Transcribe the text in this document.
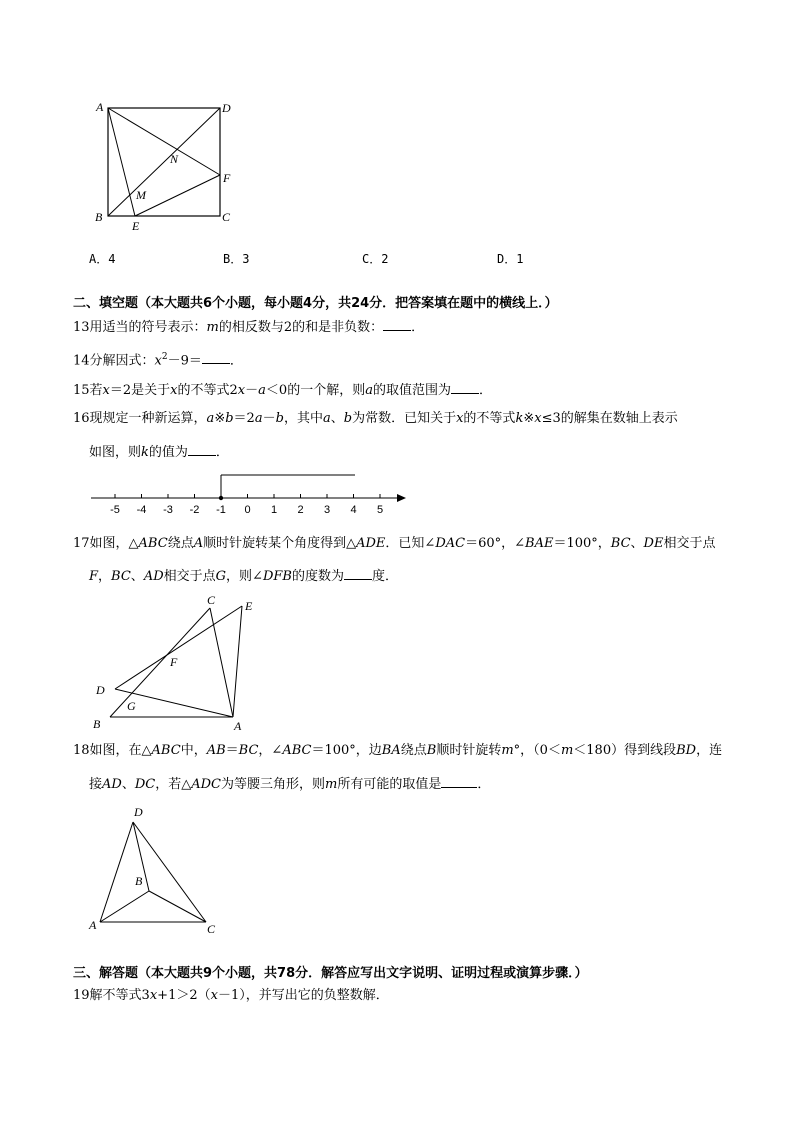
A	D
N
F
M
B
E
C
A．4	B．3	C．2	D．1
二、填空题（本大题共6个小题，每小题4分，共24分．把答案填在题中的横线上．）
13用适当的符号表示：m的相反数与2的和是非负数： ．
14分解因式：$x^2-9=$ ．
15若x＝2是关于x的不等式2x－a＜0的一个解，则a的取值范围为 ．
16现规定一种新运算，a※b＝2a－b，其中a、b为常数．已知关于x的不等式k※x≤3的解集在数轴上表示
如图，则k的值为 ．
-5 -4 -3 -2 -1 0 1 2 3 4 5
17如图，△ABC绕点A顺时针旋转某个角度得到△ADE．已知∠DAC＝60°，∠BAE＝100°，BC、DE相交于点
F，BC、AD相交于点G，则∠DFB的度数为 度．
C E
F
D
G
B	A
18如图，在△ABC中，AB＝BC，∠ABC＝100°，边BA绕点B顺时针旋转m°，（0＜m＜180）得到线段BD，连
接AD、DC，若△ADC为等腰三角形，则m所有可能的取值是	．
D
B
A	C
三、解答题（本大题共9个小题，共78分．解答应写出文字说明、证明过程或演算步骤．）
19解不等式3x+1＞2（x－1），并写出它的负整数解．
